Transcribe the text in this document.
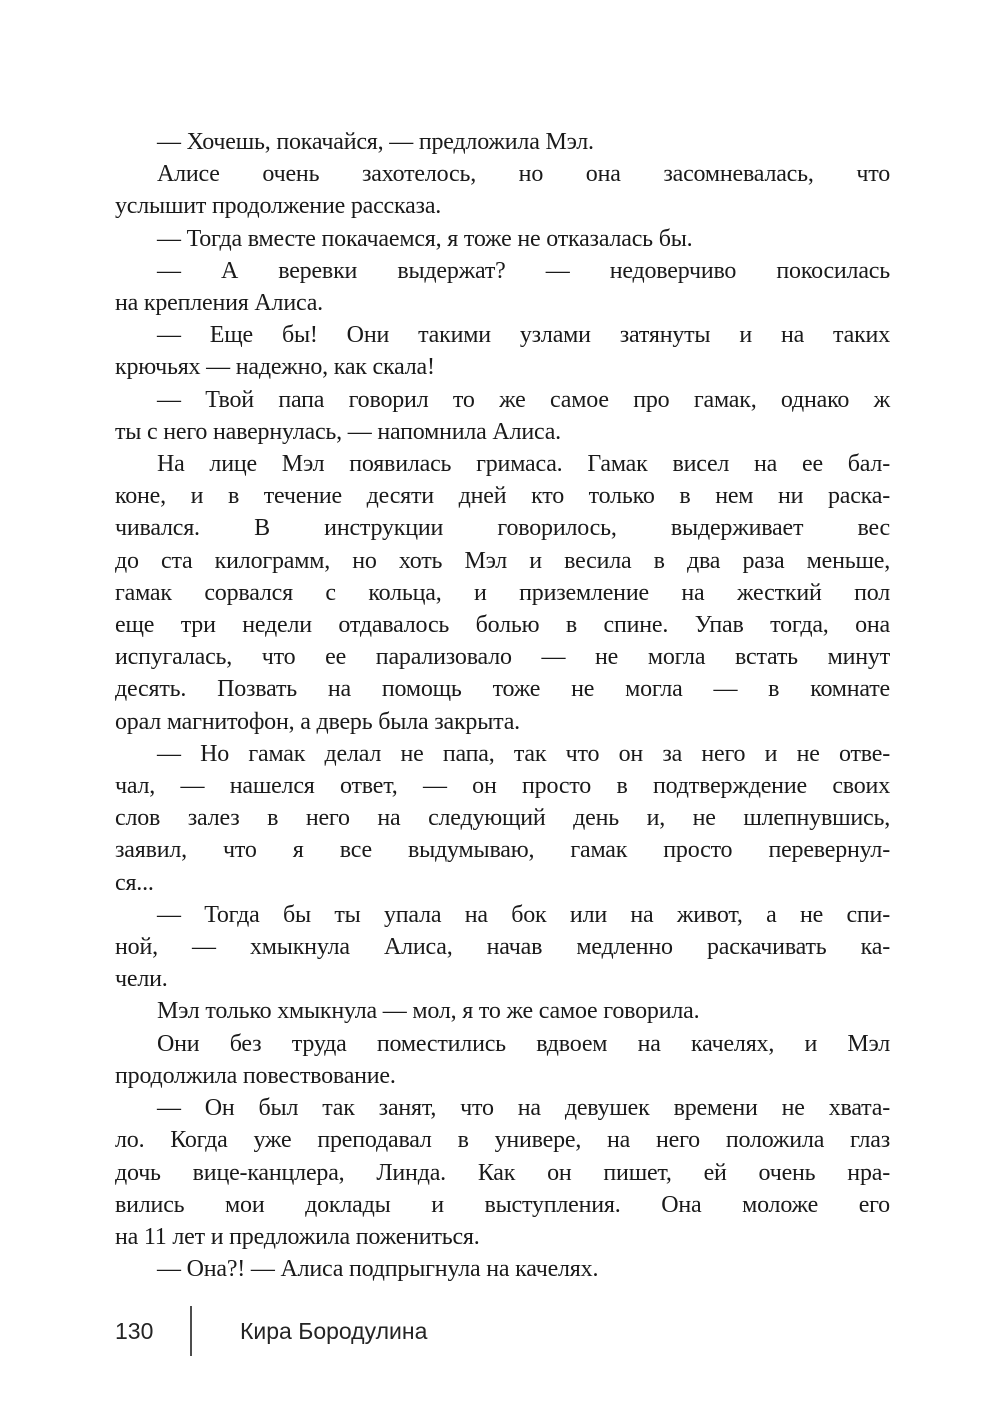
— Хочешь, покачайся, — предложила Мэл.
Алисе очень захотелось, но она засомневалась, что
услышит продолжение рассказа.
— Тогда вместе покачаемся, я тоже не отказалась бы.
— А веревки выдержат? — недоверчиво покосилась
на крепления Алиса.
— Еще бы! Они такими узлами затянуты и на таких
крючьях — надежно, как скала!
— Твой папа говорил то же самое про гамак, однако ж
ты с него навернулась, — напомнила Алиса.
На лице Мэл появилась гримаса. Гамак висел на ее бал-
коне, и в течение десяти дней кто только в нем ни раска-
чивался. В инструкции говорилось, выдерживает вес
до ста килограмм, но хоть Мэл и весила в два раза меньше,
гамак сорвался с кольца, и приземление на жесткий пол
еще три недели отдавалось болью в спине. Упав тогда, она
испугалась, что ее парализовало — не могла встать минут
десять. Позвать на помощь тоже не могла — в комнате
орал магнитофон, а дверь была закрыта.
— Но гамак делал не папа, так что он за него и не отве-
чал, — нашелся ответ, — он просто в подтверждение своих
слов залез в него на следующий день и, не шлепнувшись,
заявил, что я все выдумываю, гамак просто перевернул-
ся...
— Тогда бы ты упала на бок или на живот, а не спи-
ной, — хмыкнула Алиса, начав медленно раскачивать ка-
чели.
Мэл только хмыкнула — мол, я то же самое говорила.
Они без труда поместились вдвоем на качелях, и Мэл
продолжила повествование.
— Он был так занят, что на девушек времени не хвата-
ло. Когда уже преподавал в универе, на него положила глаз
дочь вице-канцлера, Линда. Как он пишет, ей очень нра-
вились мои доклады и выступления. Она моложе его
на 11 лет и предложила пожениться.
— Она?! — Алиса подпрыгнула на качелях.
130	Кира Бородулина
